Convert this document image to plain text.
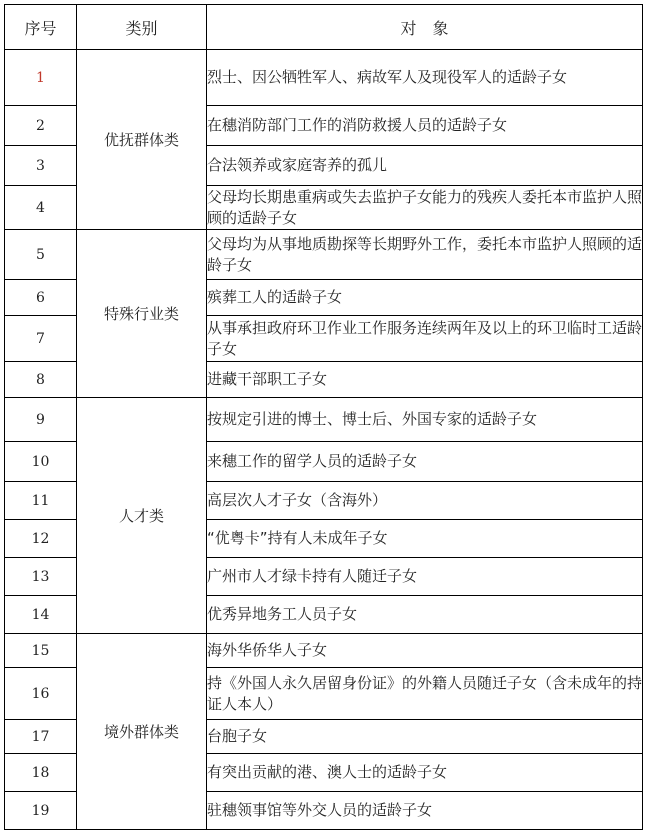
序号	类别	对　象
1	优抚群体类	烈士、因公牺牲军人、病故军人及现役军人的适龄子女
2		在穗消防部门工作的消防救援人员的适龄子女
3		合法领养或家庭寄养的孤儿
4		父母均长期患重病或失去监护子女能力的残疾人委托本市监护人照顾的适龄子女
5	特殊行业类	父母均为从事地质勘探等长期野外工作，委托本市监护人照顾的适龄子女
6		殡葬工人的适龄子女
7		从事承担政府环卫作业工作服务连续两年及以上的环卫临时工适龄子女
8		进藏干部职工子女
9	人才类	按规定引进的博士、博士后、外国专家的适龄子女
10		来穗工作的留学人员的适龄子女
11		高层次人才子女（含海外）
12		“优粤卡”持有人未成年子女
13		广州市人才绿卡持有人随迁子女
14		优秀异地务工人员子女
15	境外群体类	海外华侨华人子女
16		持《外国人永久居留身份证》的外籍人员随迁子女（含未成年的持证人本人）
17		台胞子女
18		有突出贡献的港、澳人士的适龄子女
19		驻穗领事馆等外交人员的适龄子女
